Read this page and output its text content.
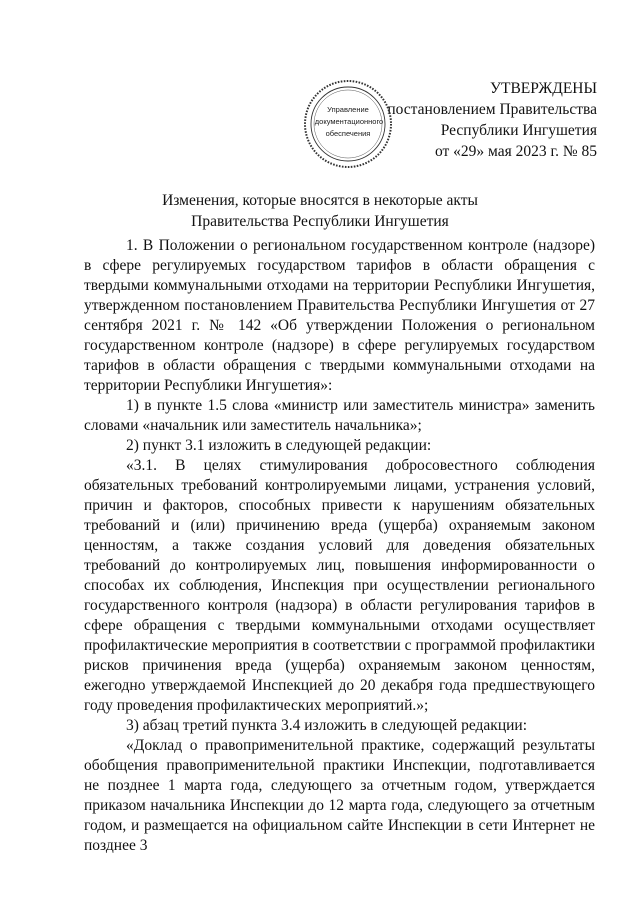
УТВЕРЖДЕНЫ
постановлением Правительства
Республики Ингушетия
от «29» мая 2023 г. № 85
Управление
документационного
обеспечения
Изменения, которые вносятся в некоторые акты
Правительства Республики Ингушетия

1. В Положении о региональном государственном контроле (надзоре) в сфере регулируемых государством тарифов в области обращения с твердыми коммунальными отходами на территории Республики Ингушетия, утвержденном постановлением Правительства Республики Ингушетия от 27 сентября 2021 г. № 142 «Об утверждении Положения о региональном государственном контроле (надзоре) в сфере регулируемых государством тарифов в области обращения с твердыми коммунальными отходами на территории Республики Ингушетия»:

1) в пункте 1.5 слова «министр или заместитель министра» заменить словами «начальник или заместитель начальника»;

2) пункт 3.1 изложить в следующей редакции:

«3.1. В целях стимулирования добросовестного соблюдения обязательных требований контролируемыми лицами, устранения условий, причин и факторов, способных привести к нарушениям обязательных требований и (или) причинению вреда (ущерба) охраняемым законом ценностям, а также создания условий для доведения обязательных требований до контролируемых лиц, повышения информированности о способах их соблюдения, Инспекция при осуществлении регионального государственного контроля (надзора) в области регулирования тарифов в сфере обращения с твердыми коммунальными отходами осуществляет профилактические мероприятия в соответствии с программой профилактики рисков причинения вреда (ущерба) охраняемым законом ценностям, ежегодно утверждаемой Инспекцией до 20 декабря года предшествующего году проведения профилактических мероприятий.»;

3) абзац третий пункта 3.4 изложить в следующей редакции:

«Доклад о правоприменительной практике, содержащий результаты обобщения правоприменительной практики Инспекции, подготавливается не позднее 1 марта года, следующего за отчетным годом, утверждается приказом начальника Инспекции до 12 марта года, следующего за отчетным годом, и размещается на официальном сайте Инспекции в сети Интернет не позднее 3
